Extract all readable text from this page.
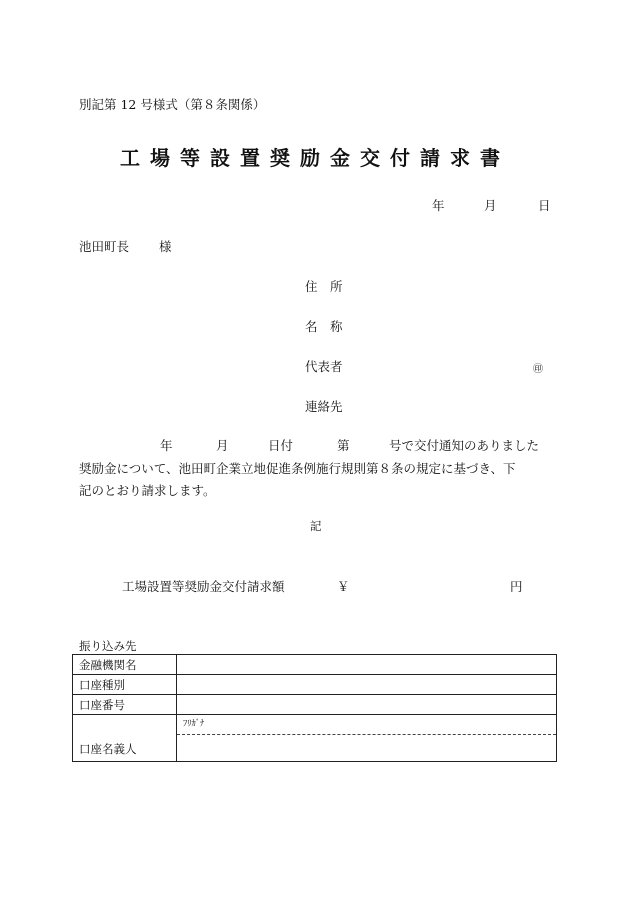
別記第 12 号様式（第８条関係）
工場等設置奨励金交付請求書
年	月	日
池田町長 様
住　所
名　称
代表者	㊞
連絡先
年	月	日付	第	号で交付通知のありました
奨励金について、池田町企業立地促進条例施行規則第８条の規定に基づき、下
記のとおり請求します。
記
工場設置等奨励金交付請求額	￥	円
振り込み先
金融機関名	
口座種別	
口座番号	
口座名義人	ﾌﾘｶﾞﾅ
